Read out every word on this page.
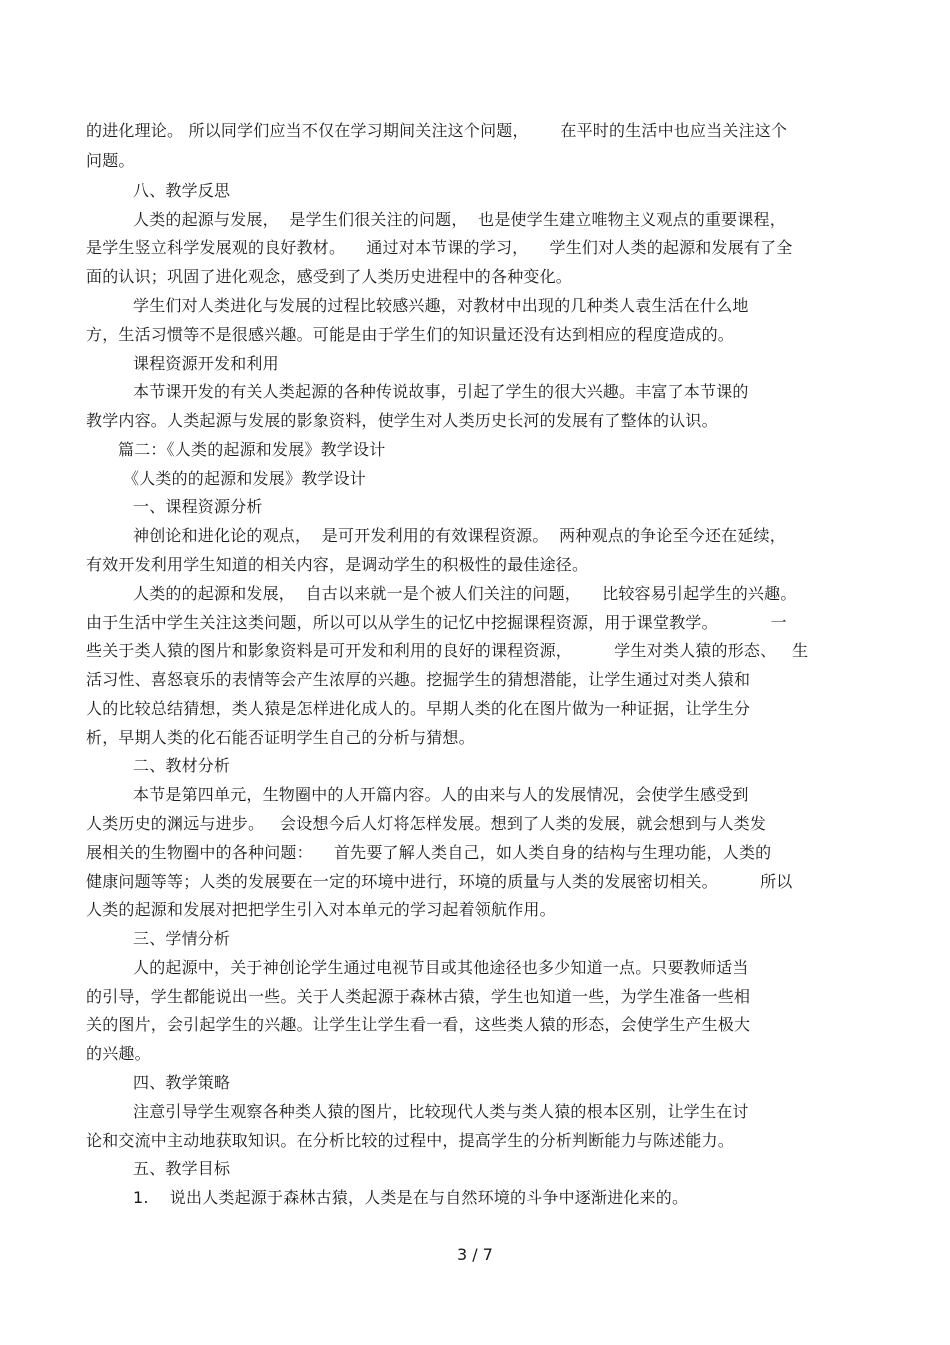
的进化理论。 所以同学们应当不仅在学习期间关注这个问题，      在平时的生活中也应当关注这个
问题。
八、教学反思
人类的起源与发展，  是学生们很关注的问题，  也是使学生建立唯物主义观点的重要课程，
是学生竖立科学发展观的良好教材。    通过对本节课的学习，    学生们对人类的起源和发展有了全
面的认识；巩固了进化观念，感受到了人类历史进程中的各种变化。
学生们对人类进化与发展的过程比较感兴趣，对教材中出现的几种类人袁生活在什么地
方，生活习惯等不是很感兴趣。可能是由于学生们的知识量还没有达到相应的程度造成的。
课程资源开发和利用
本节课开发的有关人类起源的各种传说故事，引起了学生的很大兴趣。丰富了本节课的
教学内容。人类起源与发展的影象资料，使学生对人类历史长河的发展有了整体的认识。
篇二：《人类的起源和发展》教学设计
《人类的的起源和发展》教学设计
一、课程资源分析
神创论和进化论的观点，  是可开发利用的有效课程资源。  两种观点的争论至今还在延续，
有效开发利用学生知道的相关内容，是调动学生的积极性的最佳途径。
人类的的起源和发展，  自古以来就一是个被人们关注的问题，    比较容易引起学生的兴趣。
由于生活中学生关注这类问题，所以可以从学生的记忆中挖掘课程资源，用于课堂教学。          一
些关于类人猿的图片和影象资料是可开发和利用的良好的课程资源，        学生对类人猿的形态、   生
活习性、喜怒衰乐的表情等会产生浓厚的兴趣。挖掘学生的猜想潜能，让学生通过对类人猿和
人的比较总结猜想，类人猿是怎样进化成人的。早期人类的化在图片做为一种证据，让学生分
析，早期人类的化石能否证明学生自己的分析与猜想。
二、教材分析
本节是第四单元，生物圈中的人开篇内容。人的由来与人的发展情况，会使学生感受到
人类历史的渊远与进步。   会设想今后人灯将怎样发展。想到了人类的发展，就会想到与人类发
展相关的生物圈中的各种问题：    首先要了解人类自己，如人类自身的结构与生理功能，人类的
健康问题等等；人类的发展要在一定的环境中进行，环境的质量与人类的发展密切相关。        所以
人类的起源和发展对把把学生引入对本单元的学习起着领航作用。
三、学情分析
人的起源中，关于神创论学生通过电视节目或其他途径也多少知道一点。只要教师适当
的引导，学生都能说出一些。关于人类起源于森林古猿，学生也知道一些，为学生准备一些相
关的图片，会引起学生的兴趣。让学生让学生看一看，这些类人猿的形态，会使学生产生极大
的兴趣。
四、教学策略
注意引导学生观察各种类人猿的图片，比较现代人类与类人猿的根本区别，让学生在讨
论和交流中主动地获取知识。在分析比较的过程中，提高学生的分析判断能力与陈述能力。
五、教学目标
1.    说出人类起源于森林古猿，人类是在与自然环境的斗争中逐渐进化来的。
3 / 7
